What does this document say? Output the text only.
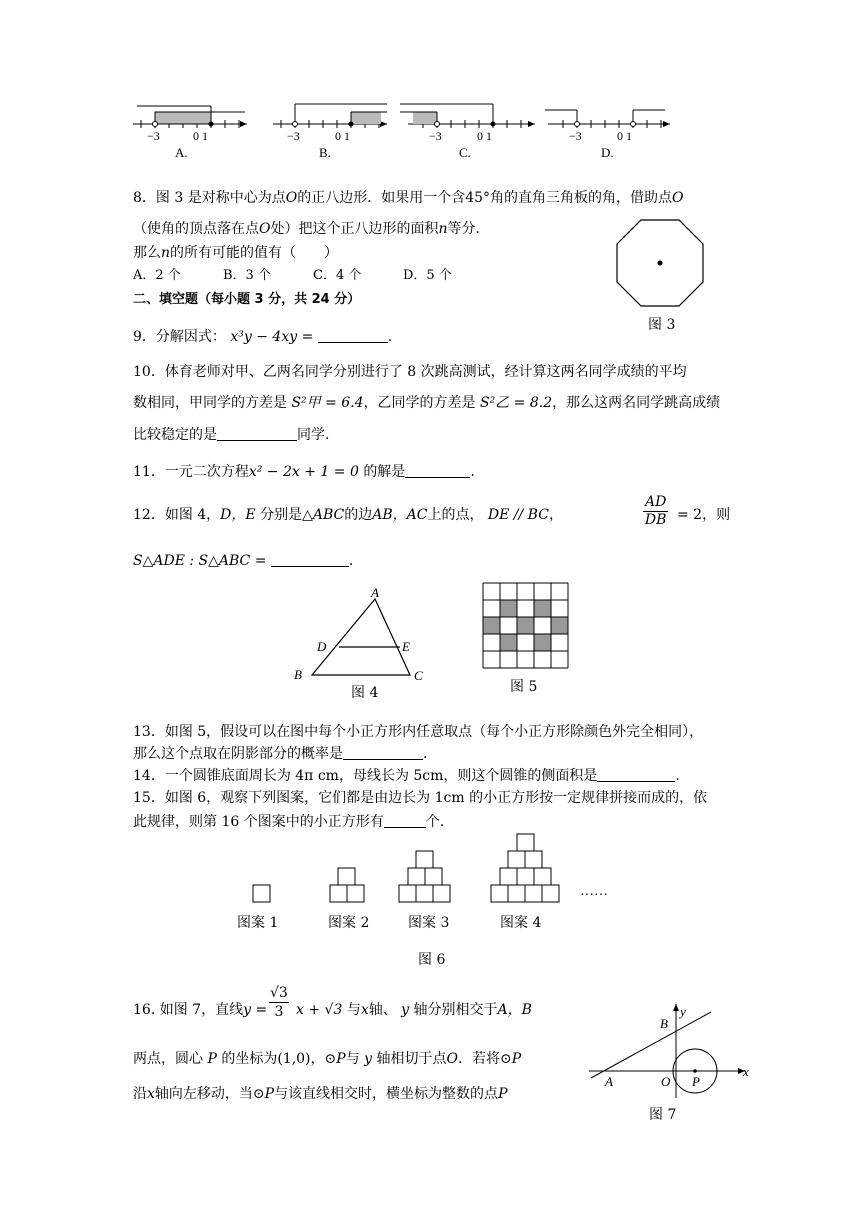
−3	0 1
A.
−3	0 1
B.
−3	0 1
C.
−3	0 1
D.
8．图 3 是对称中心为点O的正八边形．如果用一个含45°角的直角三角板的角，借助点O
（使角的顶点落在点O处）把这个正八边形的面积n等分．
那么n的所有可能的值有（　　）
A．2 个	B．3 个	C．4 个	D．5 个
图 3
二、填空题（每小题 3 分，共 24 分）
9．分解因式： x³y − 4xy =	.
10．体育老师对甲、乙两名同学分别进行了 8 次跳高测试，经计算这两名同学成绩的平均
数相同，甲同学的方差是 S²甲 = 6.4，乙同学的方差是 S²乙 = 8.2，那么这两名同学跳高成绩
比较稳定的是	同学.
11．一元二次方程x² − 2x + 1 = 0 的解是	.
12．如图 4，D，E 分别是△ABC的边AB，AC上的点， DE // BC，
AD
DB = 2，则
S△ADE : S△ABC =	.
A
D	E
B	C
图 4	图 5
13．如图 5，假设可以在图中每个小正方形内任意取点（每个小正方形除颜色外完全相同），
那么这个点取在阴影部分的概率是	.
14．一个圆锥底面周长为 4π cm，母线长为 5cm，则这个圆锥的侧面积是	.
15．如图 6，观察下列图案，它们都是由边长为 1cm 的小正方形按一定规律拼接而成的，依
此规律，则第 16 个图案中的小正方形有	个.
……
图案 1	图案 2	图案 3	图案 4
图 6
16. 如图 7，直线y =
√3
3 x + √3 与x轴、 y 轴分别相交于A，B
两点，圆心 P 的坐标为(1,0)，⊙P与 y 轴相切于点O．若将⊙P
沿x轴向左移动，当⊙P与该直线相交时，横坐标为整数的点P
B
y
A	O P
x
图 7
